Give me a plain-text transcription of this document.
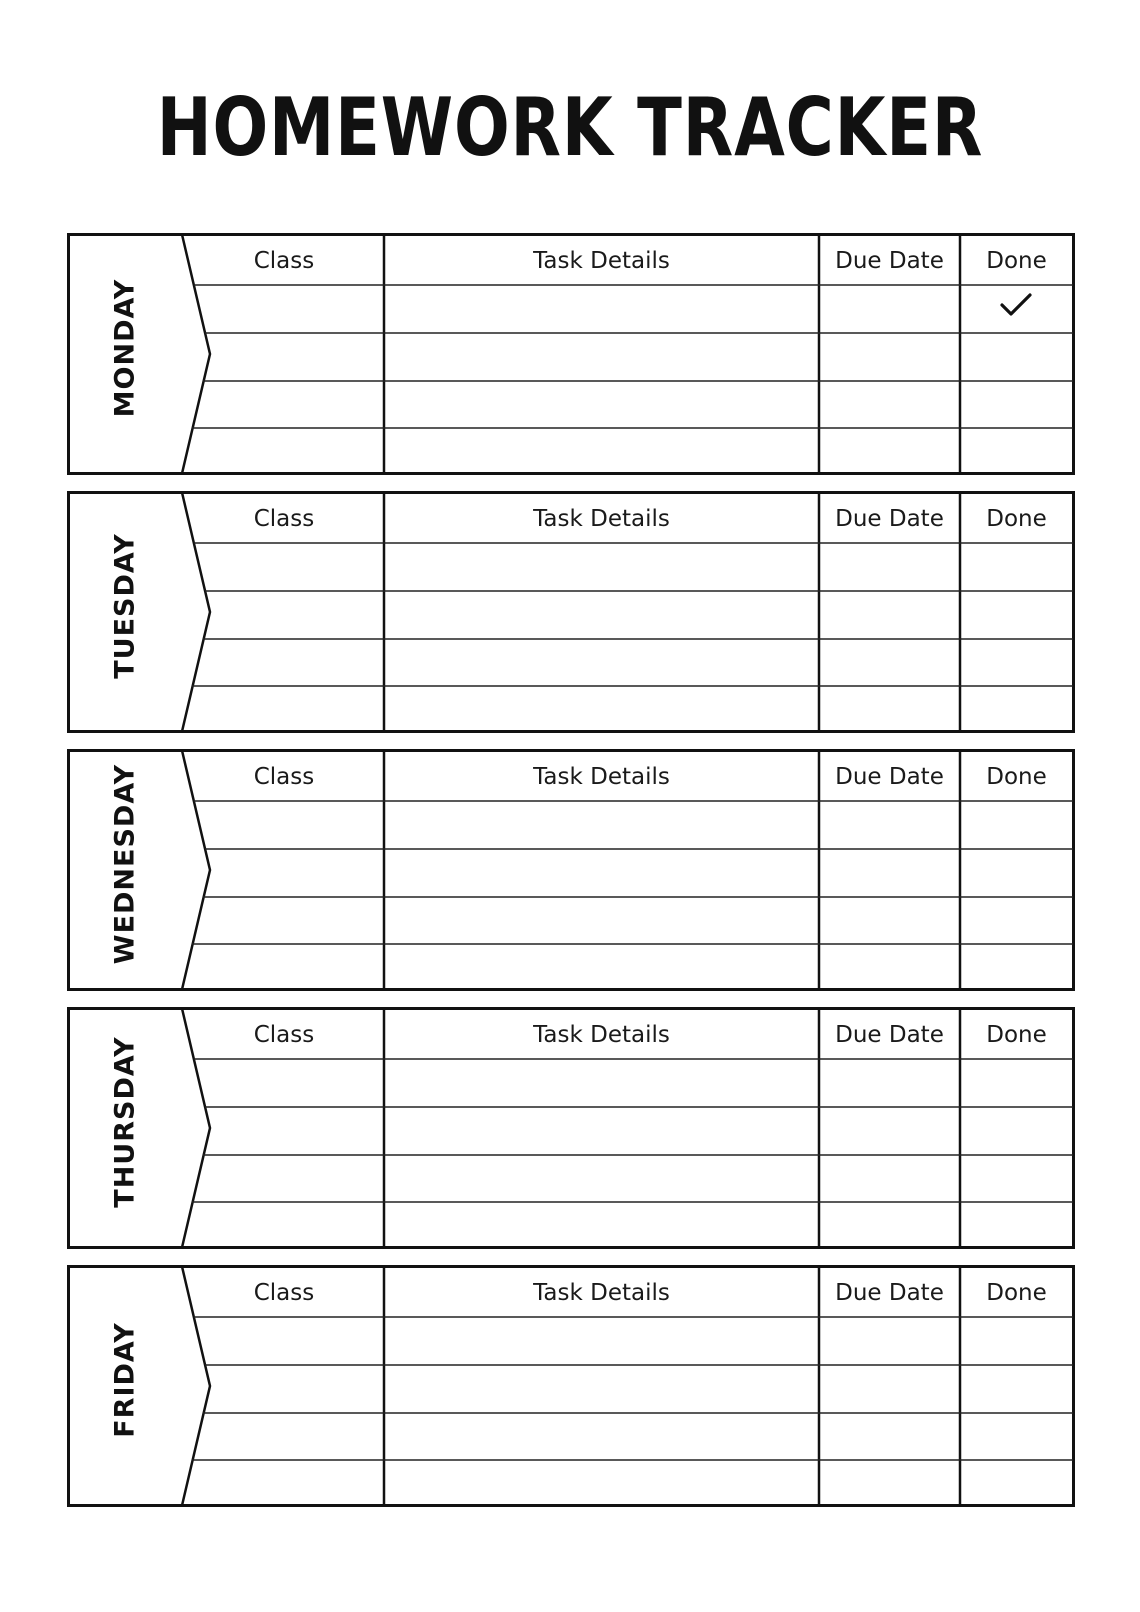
HOMEWORK TRACKER
MONDAY
Class	Task Details	Due Date	Done
TUESDAY
Class	Task Details	Due Date	Done
WEDNESDAY	Class	Task Details	Due Date	Done
THURSDAY
Class	Task Details	Due Date	Done
FRIDAY
Class	Task Details	Due Date	Done
